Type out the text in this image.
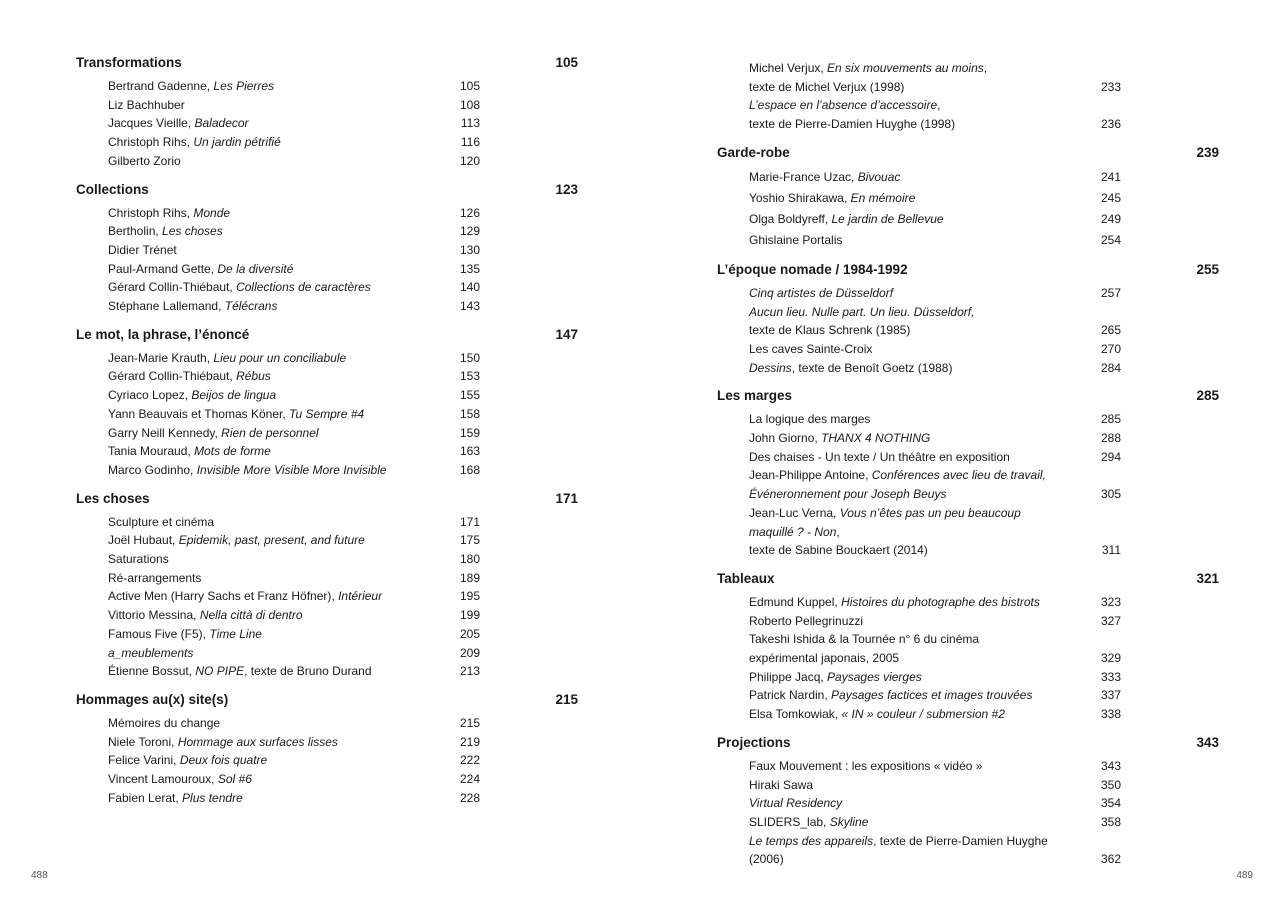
Transformations	105
Bertrand Gadenne, Les Pierres	105
Liz Bachhuber	108
Jacques Vieille, Baladecor	113
Christoph Rihs, Un jardin pétrifié	116
Gilberto Zorio	120
Collections	123
Christoph Rihs, Monde	126
Bertholin, Les choses	129
Didier Trénet	130
Paul-Armand Gette, De la diversité	135
Gérard Collin-Thiébaut, Collections de caractères	140
Stéphane Lallemand, Télécrans	143
Le mot, la phrase, l’énoncé	147
Jean-Marie Krauth, Lieu pour un conciliabule	150
Gérard Collin-Thiébaut, Rébus	153
Cyriaco Lopez, Beijos de lingua	155
Yann Beauvais et Thomas Köner, Tu Sempre #4	158
Garry Neill Kennedy, Rien de personnel	159
Tania Mouraud, Mots de forme	163
Marco Godinho, Invisible More Visible More Invisible	168
Les choses	171
Sculpture et cinéma	171
Joël Hubaut, Epidemik, past, present, and future	175
Saturations	180
Ré-arrangements	189
Active Men (Harry Sachs et Franz Höfner), Intérieur	195
Vittorio Messina, Nella città di dentro	199
Famous Five (F5), Time Line	205
a_meublements	209
Étienne Bossut, NO PIPE, texte de Bruno Durand	213
Hommages au(x) site(s)	215
Mémoires du change	215
Niele Toroni, Hommage aux surfaces lisses	219
Felice Varini, Deux fois quatre	222
Vincent Lamouroux, Sol #6	224
Fabien Lerat, Plus tendre	228
488
Michel Verjux, En six mouvements au moins,
texte de Michel Verjux (1998)	233
L’espace en l’absence d’accessoire,
texte de Pierre-Damien Huyghe (1998)	236
Garde-robe	239
Marie-France Uzac, Bivouac	241
Yoshio Shirakawa, En mémoire	245
Olga Boldyreff, Le jardin de Bellevue	249
Ghislaine Portalis	254
L’époque nomade / 1984-1992	255
Cinq artistes de Düsseldorf	257
Aucun lieu. Nulle part. Un lieu. Düsseldorf,
texte de Klaus Schrenk (1985)	265
Les caves Sainte-Croix	270
Dessins, texte de Benoît Goetz (1988)	284
Les marges	285
La logique des marges	285
John Giorno, THANX 4 NOTHING	288
Des chaises - Un texte / Un théâtre en exposition	294
Jean-Philippe Antoine, Conférences avec lieu de travail,
Événeronnement pour Joseph Beuys	305
Jean-Luc Verna, Vous n’êtes pas un peu beaucoup maquillé ? - Non,
texte de Sabine Bouckaert (2014)	311
Tableaux	321
Edmund Kuppel, Histoires du photographe des bistrots	323
Roberto Pellegrinuzzi	327
Takeshi Ishida & la Tournée n° 6 du cinéma
expérimental japonais, 2005	329
Philippe Jacq, Paysages vierges	333
Patrick Nardin, Paysages factices et images trouvées	337
Elsa Tomkowiak, « IN » couleur / submersion #2	338
Projections	343
Faux Mouvement : les expositions « vidéo »	343
Hiraki Sawa	350
Virtual Residency	354
SLIDERS_lab, Skyline	358
Le temps des appareils, texte de Pierre-Damien Huyghe (2006)	362
489
